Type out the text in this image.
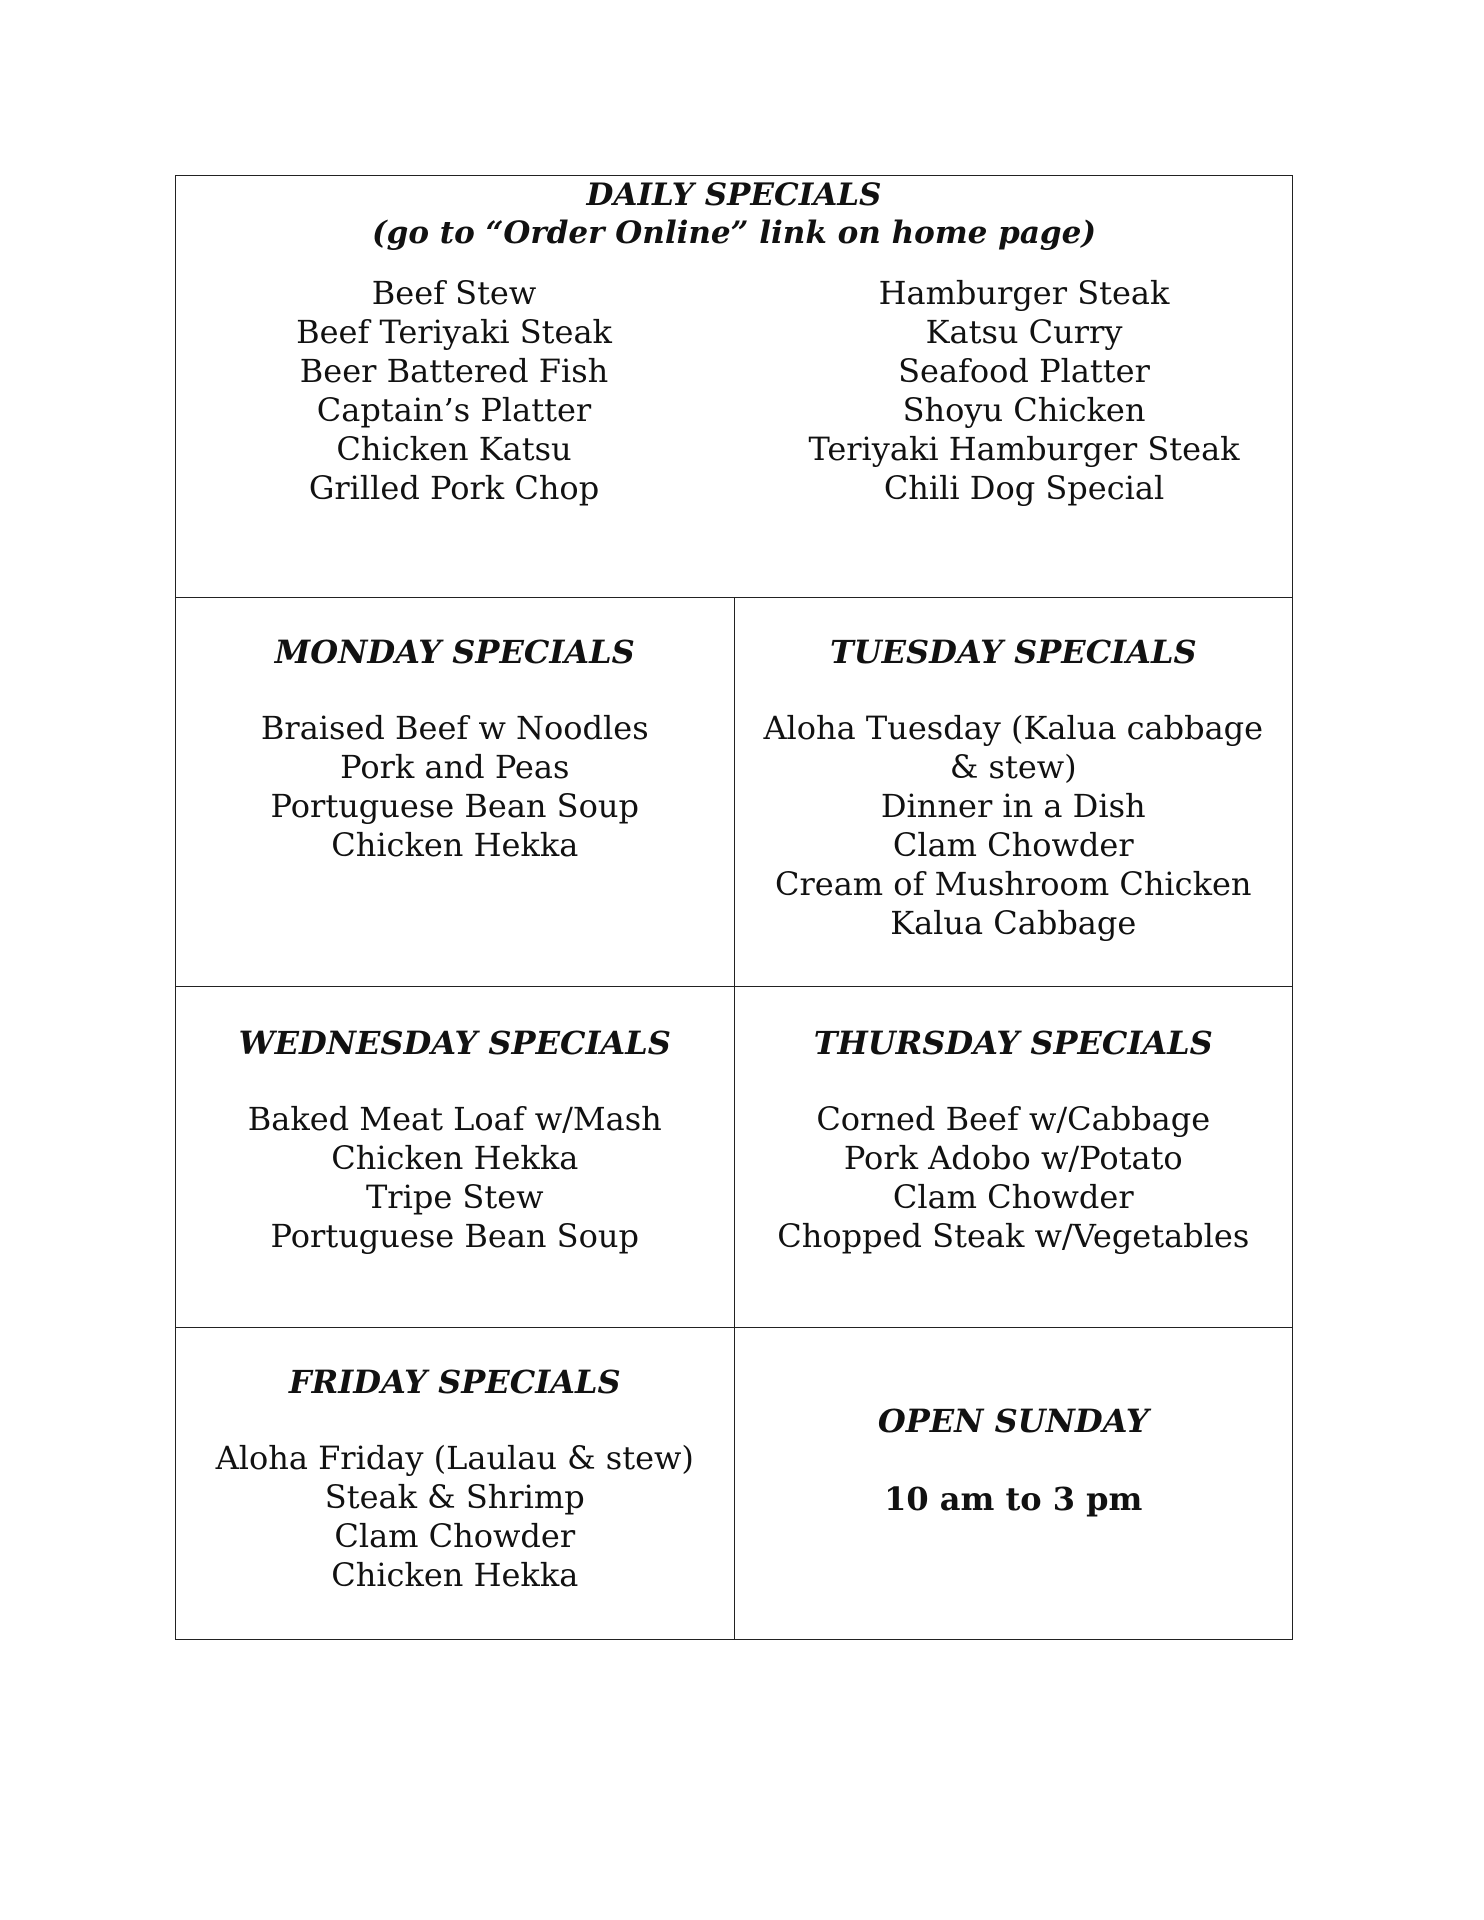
DAILY SPECIALS
(go to “Order Online” link on home page)
Beef Stew
Beef Teriyaki Steak
Beer Battered Fish
Captain’s Platter
Chicken Katsu
Grilled Pork Chop
Hamburger Steak
Katsu Curry
Seafood Platter
Shoyu Chicken
Teriyaki Hamburger Steak
Chili Dog Special
MONDAY SPECIALS
Braised Beef w Noodles
Pork and Peas
Portuguese Bean Soup
Chicken Hekka
TUESDAY SPECIALS
Aloha Tuesday (Kalua cabbage
& stew)
Dinner in a Dish
Clam Chowder
Cream of Mushroom Chicken
Kalua Cabbage
WEDNESDAY SPECIALS
Baked Meat Loaf w/Mash
Chicken Hekka
Tripe Stew
Portuguese Bean Soup
THURSDAY SPECIALS
Corned Beef w/Cabbage
Pork Adobo w/Potato
Clam Chowder
Chopped Steak w/Vegetables
FRIDAY SPECIALS
Aloha Friday (Laulau & stew)
Steak & Shrimp
Clam Chowder
Chicken Hekka
OPEN SUNDAY
10 am to 3 pm
